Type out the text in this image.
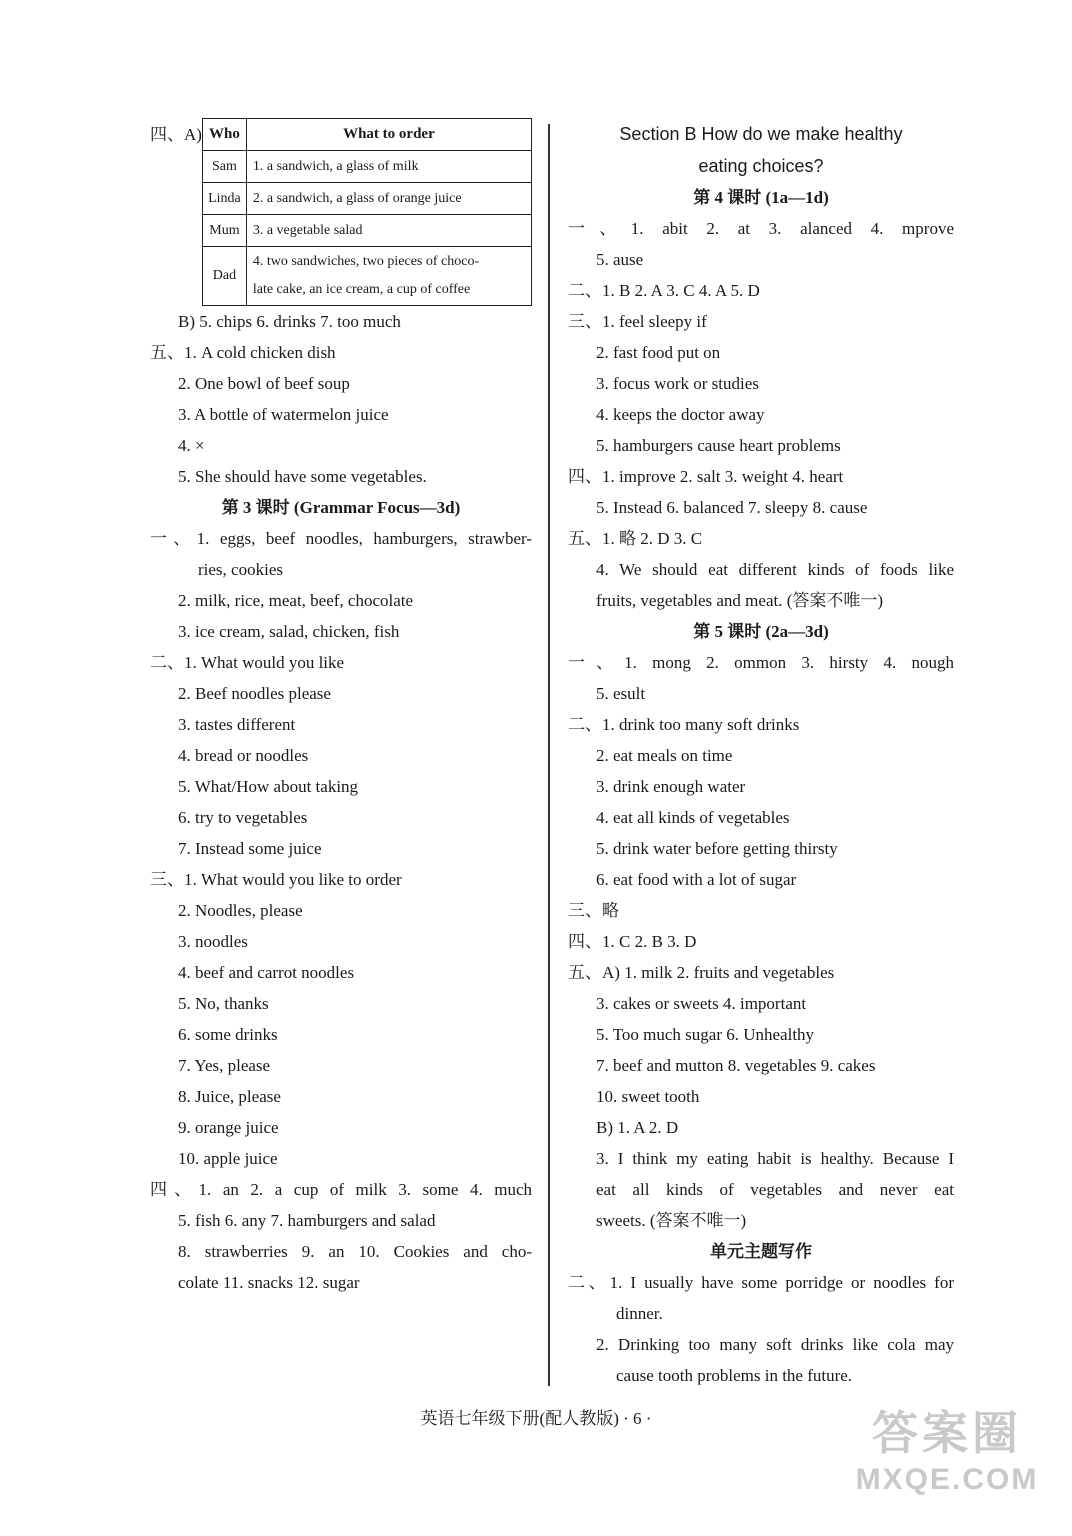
四、A) Who	What to order
Sam	1. a sandwich, a glass of milk
Linda	2. a sandwich, a glass of orange juice
Mum	3. a vegetable salad
Dad	4. two sandwiches, two pieces of choco-
late cake, an ice cream, a cup of coffee
B) 5. chips 6. drinks 7. too much
五、1. A cold chicken dish
2. One bowl of beef soup
3. A bottle of watermelon juice
4. ×
5. She should have some vegetables.
第 3 课时 (Grammar Focus—3d)
一、1. eggs, beef noodles, hamburgers, strawber-
ries, cookies
2. milk, rice, meat, beef, chocolate
3. ice cream, salad, chicken, fish
二、1. What would you like
2. Beef noodles please
3. tastes different
4. bread or noodles
5. What/How about taking
6. try to vegetables
7. Instead some juice
三、1. What would you like to order
2. Noodles, please
3. noodles
4. beef and carrot noodles
5. No, thanks
6. some drinks
7. Yes, please
8. Juice, please
9. orange juice
10. apple juice
四、1. an 2. a cup of milk 3. some 4. much
5. fish 6. any 7. hamburgers and salad
8. strawberries 9. an 10. Cookies and cho-
colate 11. snacks 12. sugar
Section B How do we make healthy
eating choices?
第 4 课时 (1a—1d)
一、1. abit 2. at 3. alanced 4. mprove
5. ause
二、1. B 2. A 3. C 4. A 5. D
三、1. feel sleepy if
2. fast food put on
3. focus work or studies
4. keeps the doctor away
5. hamburgers cause heart problems
四、1. improve 2. salt 3. weight 4. heart
5. Instead 6. balanced 7. sleepy 8. cause
五、1. 略 2. D 3. C
4. We should eat different kinds of foods like
fruits, vegetables and meat. (答案不唯一)
第 5 课时 (2a—3d)
一、1. mong 2. ommon 3. hirsty 4. nough
5. esult
二、1. drink too many soft drinks
2. eat meals on time
3. drink enough water
4. eat all kinds of vegetables
5. drink water before getting thirsty
6. eat food with a lot of sugar
三、略
四、1. C 2. B 3. D
五、A) 1. milk 2. fruits and vegetables
3. cakes or sweets 4. important
5. Too much sugar 6. Unhealthy
7. beef and mutton 8. vegetables 9. cakes
10. sweet tooth
B) 1. A 2. D
3. I think my eating habit is healthy. Because I
eat all kinds of vegetables and never eat
sweets. (答案不唯一)
单元主题写作
二、1. I usually have some porridge or noodles for
dinner.
2. Drinking too many soft drinks like cola may
cause tooth problems in the future.
英语七年级下册(配人教版) · 6 ·	答案圈
MXQE.COM
